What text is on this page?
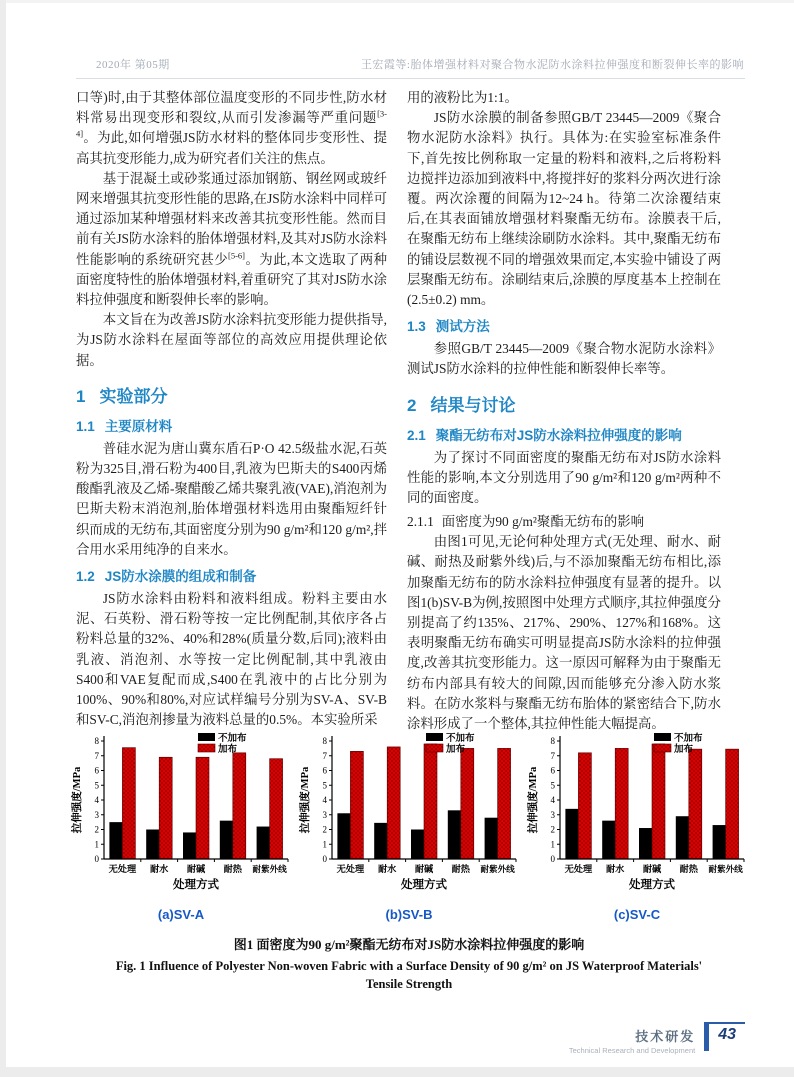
2020年 第05期	王宏霞等:胎体增强材料对聚合物水泥防水涂料拉伸强度和断裂伸长率的影响

口等)时,由于其整体部位温度变形的不同步性,防水材料常易出现变形和裂纹,从而引发渗漏等严重问题[3-4]。为此,如何增强JS防水材料的整体同步变形性、提高其抗变形能力,成为研究者们关注的焦点。

基于混凝土或砂浆通过添加钢筋、钢丝网或玻纤网来增强其抗变形性能的思路,在JS防水涂料中同样可通过添加某种增强材料来改善其抗变形性能。然而目前有关JS防水涂料的胎体增强材料,及其对JS防水涂料性能影响的系统研究甚少[5-6]。为此,本文选取了两种面密度特性的胎体增强材料,着重研究了其对JS防水涂料拉伸强度和断裂伸长率的影响。

本文旨在为改善JS防水涂料抗变形能力提供指导,为JS防水涂料在屋面等部位的高效应用提供理论依据。

1 实验部分
1.1 主要原材料

普硅水泥为唐山冀东盾石P·O 42.5级盐水泥,石英粉为325目,滑石粉为400目,乳液为巴斯夫的S400丙烯酸酯乳液及乙烯-聚醋酸乙烯共聚乳液(VAE),消泡剂为巴斯夫粉末消泡剂,胎体增强材料选用由聚酯短纤针织而成的无纺布,其面密度分别为90 g/m²和120 g/m²,拌合用水采用纯净的自来水。

1.2 JS防水涂膜的组成和制备

JS防水涂料由粉料和液料组成。粉料主要由水泥、石英粉、滑石粉等按一定比例配制,其依序各占粉料总量的32%、40%和28%(质量分数,后同);液料由乳液、消泡剂、水等按一定比例配制,其中乳液由S400和VAE复配而成,S400在乳液中的占比分别为100%、90%和80%,对应试样编号分别为SV-A、SV-B和SV-C,消泡剂掺量为液料总量的0.5%。本实验所采

用的液粉比为1:1。

JS防水涂膜的制备参照GB/T 23445—2009《聚合物水泥防水涂料》执行。具体为:在实验室标准条件下,首先按比例称取一定量的粉料和液料,之后将粉料边搅拌边添加到液料中,将搅拌好的浆料分两次进行涂覆。两次涂覆的间隔为12~24 h。待第二次涂覆结束后,在其表面铺放增强材料聚酯无纺布。涂膜表干后,在聚酯无纺布上继续涂刷防水涂料。其中,聚酯无纺布的铺设层数视不同的增强效果而定,本实验中铺设了两层聚酯无纺布。涂刷结束后,涂膜的厚度基本上控制在(2.5±0.2) mm。

1.3 测试方法

参照GB/T 23445—2009《聚合物水泥防水涂料》测试JS防水涂料的拉伸性能和断裂伸长率等。

2 结果与讨论
2.1 聚酯无纺布对JS防水涂料拉伸强度的影响

为了探讨不同面密度的聚酯无纺布对JS防水涂料性能的影响,本文分别选用了90 g/m²和120 g/m²两种不同的面密度。

2.1.1 面密度为90 g/m²聚酯无纺布的影响

由图1可见,无论何种处理方式(无处理、耐水、耐碱、耐热及耐紫外线)后,与不添加聚酯无纺布相比,添加聚酯无纺布的防水涂料拉伸强度有显著的提升。以图1(b)SV-B为例,按照图中处理方式顺序,其拉伸强度分别提高了约135%、217%、290%、127%和168%。这表明聚酯无纺布确实可明显提高JS防水涂料的拉伸强度,改善其抗变形能力。这一原因可解释为由于聚酯无纺布内部具有较大的间隙,因而能够充分渗入防水浆料。在防水浆料与聚酯无纺布胎体的紧密结合下,防水涂料形成了一个整体,其拉伸性能大幅提高。

0
1
2
3
4
5
6
7
8
无处理 耐水 耐碱 耐热 耐紫外线
拉伸强度/MPa
处理方式
不加布
加布
(a)SV-A
0
1
2
3
4
5
6
7
8
无处理 耐水 耐碱 耐热 耐紫外线
拉伸强度/MPa
处理方式
不加布
加布
(b)SV-B
0
1
2
3
4
5
6
7
8
无处理 耐水 耐碱 耐热 耐紫外线
拉伸强度/MPa
处理方式
不加布
加布
(c)SV-C
图1 面密度为90 g/m²聚酯无纺布对JS防水涂料拉伸强度的影响
Fig. 1 Influence of Polyester Non-woven Fabric with a Surface Density of 90 g/m² on JS Waterproof Materials' Tensile Strength
技术研发
Technical Research and Development
43
